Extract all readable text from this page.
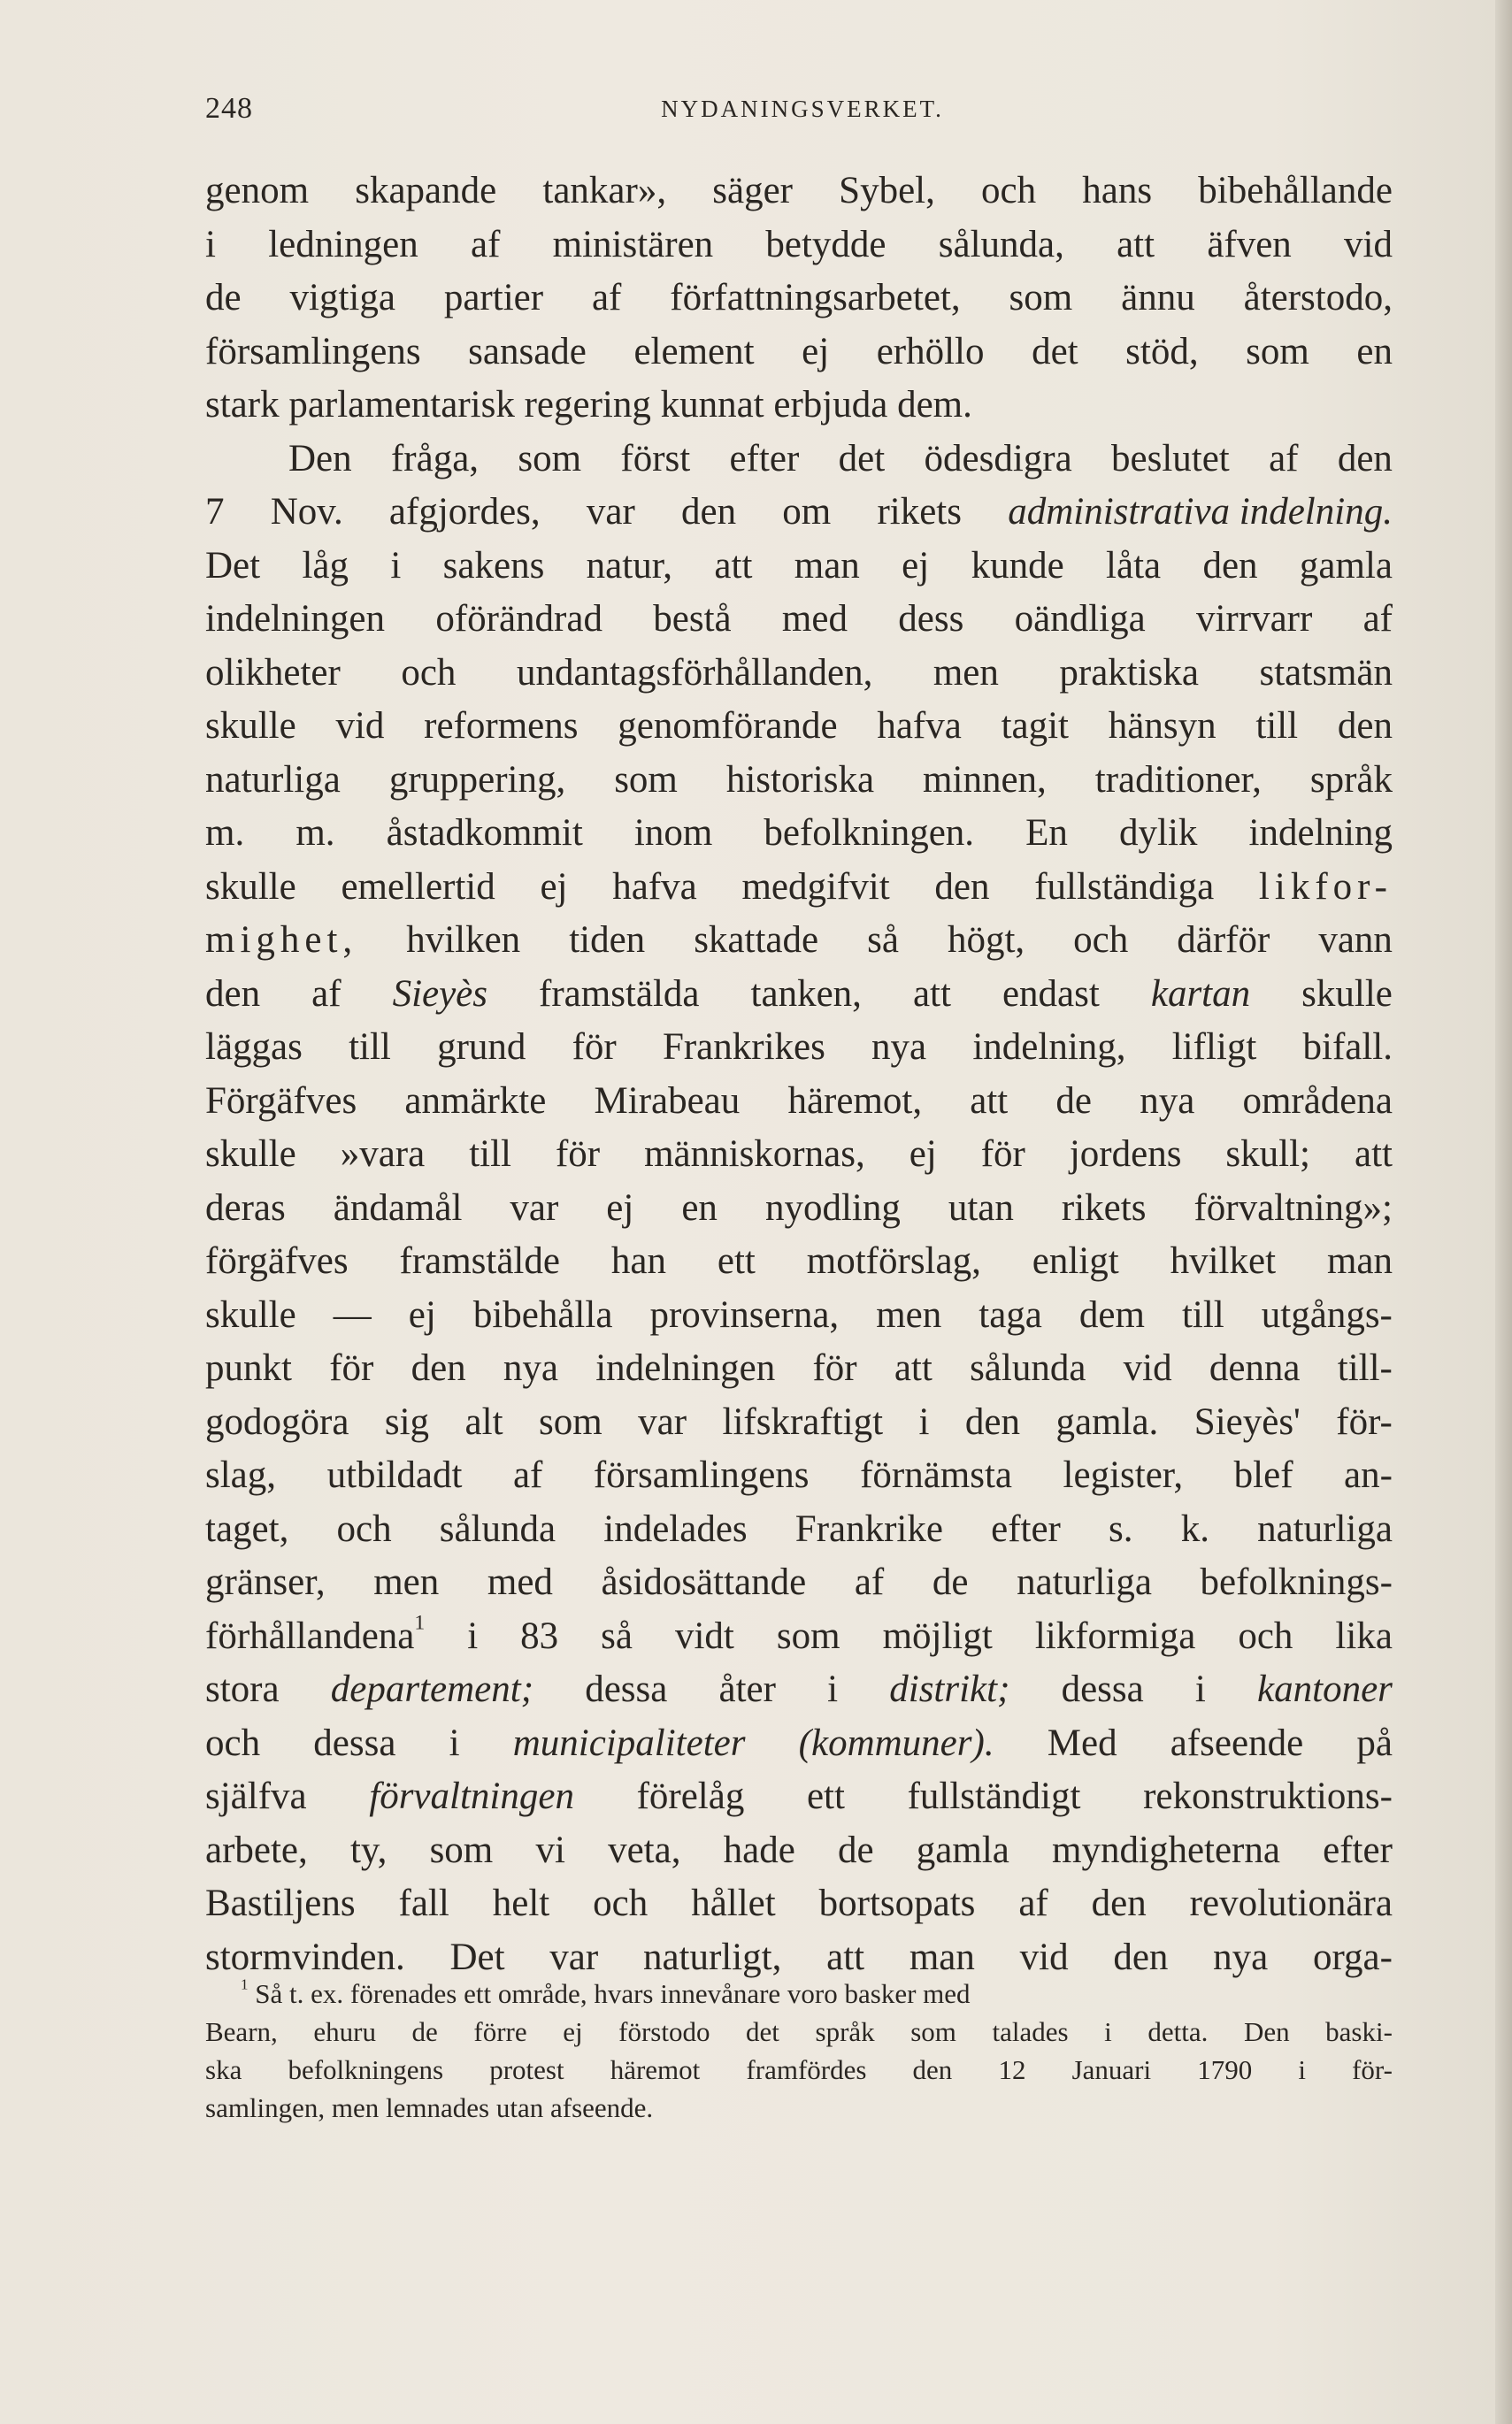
248	NYDANINGSVERKET.
genom skapande tankar», säger Sybel, och hans bibehållande
i ledningen af ministären betydde sålunda, att äfven vid
de vigtiga partier af författningsarbetet, som ännu återstodo,
församlingens sansade element ej erhöllo det stöd, som en
stark parlamentarisk regering kunnat erbjuda dem.
Den fråga, som först efter det ödesdigra beslutet af den
7 Nov. afgjordes, var den om rikets administrativa indelning.
Det låg i sakens natur, att man ej kunde låta den gamla
indelningen oförändrad bestå med dess oändliga virrvarr af
olikheter och undantagsförhållanden, men praktiska statsmän
skulle vid reformens genomförande hafva tagit hänsyn till den
naturliga gruppering, som historiska minnen, traditioner, språk
m. m. åstadkommit inom befolkningen. En dylik indelning
skulle emellertid ej hafva medgifvit den fullständiga likfor-
mighet, hvilken tiden skattade så högt, och därför vann
den af Sieyès framstälda tanken, att endast kartan skulle
läggas till grund för Frankrikes nya indelning, lifligt bifall.
Förgäfves anmärkte Mirabeau häremot, att de nya områdena
skulle »vara till för människornas, ej för jordens skull; att
deras ändamål var ej en nyodling utan rikets förvaltning»;
förgäfves framstälde han ett motförslag, enligt hvilket man
skulle — ej bibehålla provinserna, men taga dem till utgångs-
punkt för den nya indelningen för att sålunda vid denna till-
godogöra sig alt som var lifskraftigt i den gamla. Sieyès' för-
slag, utbildadt af församlingens förnämsta legister, blef an-
taget, och sålunda indelades Frankrike efter s. k. naturliga
gränser, men med åsidosättande af de naturliga befolknings-
förhållandena$^1$ i 83 så vidt som möjligt likformiga och lika
stora departement; dessa åter i distrikt; dessa i kantoner
och dessa i municipaliteter (kommuner). Med afseende på
själfva förvaltningen förelåg ett fullständigt rekonstruktions-
arbete, ty, som vi veta, hade de gamla myndigheterna efter
Bastiljens fall helt och hållet bortsopats af den revolutionära
stormvinden. Det var naturligt, att man vid den nya orga-
$^1$ Så t. ex. förenades ett område, hvars innevånare voro basker med
Bearn, ehuru de förre ej förstodo det språk som talades i detta. Den baski-
ska befolkningens protest häremot framfördes den 12 Januari 1790 i för-
samlingen, men lemnades utan afseende.
